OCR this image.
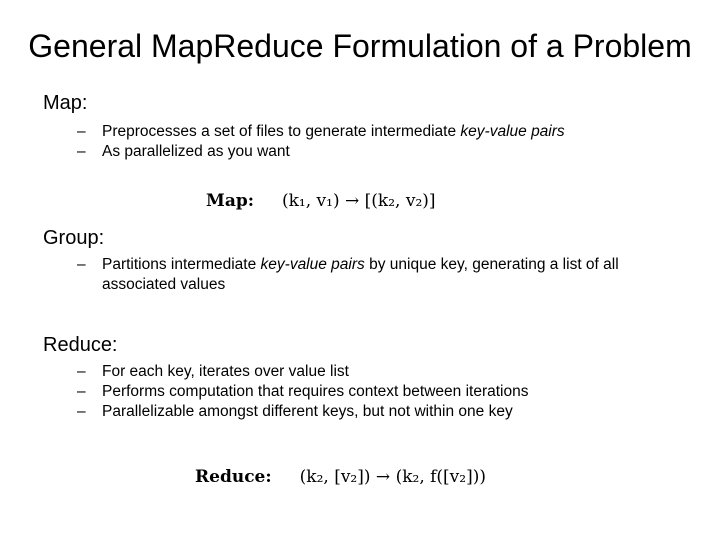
General MapReduce Formulation of a Problem
Map:
– Preprocesses a set of files to generate intermediate key-value pairs
– As parallelized as you want
Map: (k₁, v₁) → [(k₂, v₂)]
Group:
– Partitions intermediate key-value pairs by unique key, generating a list of all associated values
Reduce:
– For each key, iterates over value list
– Performs computation that requires context between iterations
– Parallelizable amongst different keys, but not within one key
Reduce: (k₂, [v₂]) → (k₂, f([v₂]))
